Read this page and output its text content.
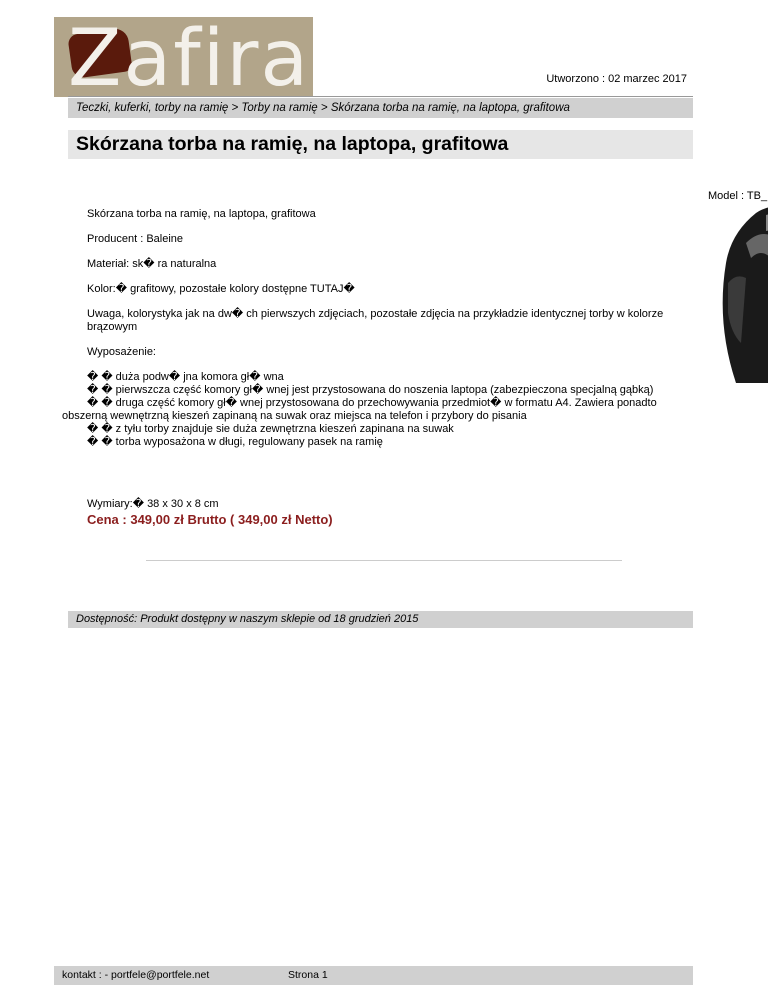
Zafira	Utworzono : 02 marzec 2017
Teczki, kuferki, torby na ramię > Torby na ramię > Skórzana torba na ramię, na laptopa, grafitowa
Skórzana torba na ramię, na laptopa, grafitowa
Model : TB_

Skórzana torba na ramię, na laptopa, grafitowa

Producent : Baleine

Materiał: sk� ra naturalna

Kolor:� grafitowy, pozostałe kolory dostępne TUTAJ�

Uwaga, kolorystyka jak na dw� ch pierwszych zdjęciach, pozostałe zdjęcia na przykładzie identycznej torby w kolorze brązowym

Wyposażenie:

� � duża podw� jna komora gł� wna
� � pierwszcza część komory gł� wnej jest przystosowana do noszenia laptopa (zabezpieczona specjalną gąbką)
� � druga część komory gł� wnej przystosowana do przechowywania przedmiot� w formatu A4. Zawiera ponadto
obszerną wewnętrzną kieszeń zapinaną na suwak oraz miejsca na telefon i przybory do pisania
� � z tyłu torby znajduje sie duża zewnętrzna kieszeń zapinana na suwak
� � torba wyposażona w długi, regulowany pasek na ramię
Wymiary:� 38 x 30 x 8 cm
Cena : 349,00 zł Brutto ( 349,00 zł Netto)
Dostępność: Produkt dostępny w naszym sklepie od 18 grudzień 2015
kontakt : - portfele@portfele.net	Strona 1
